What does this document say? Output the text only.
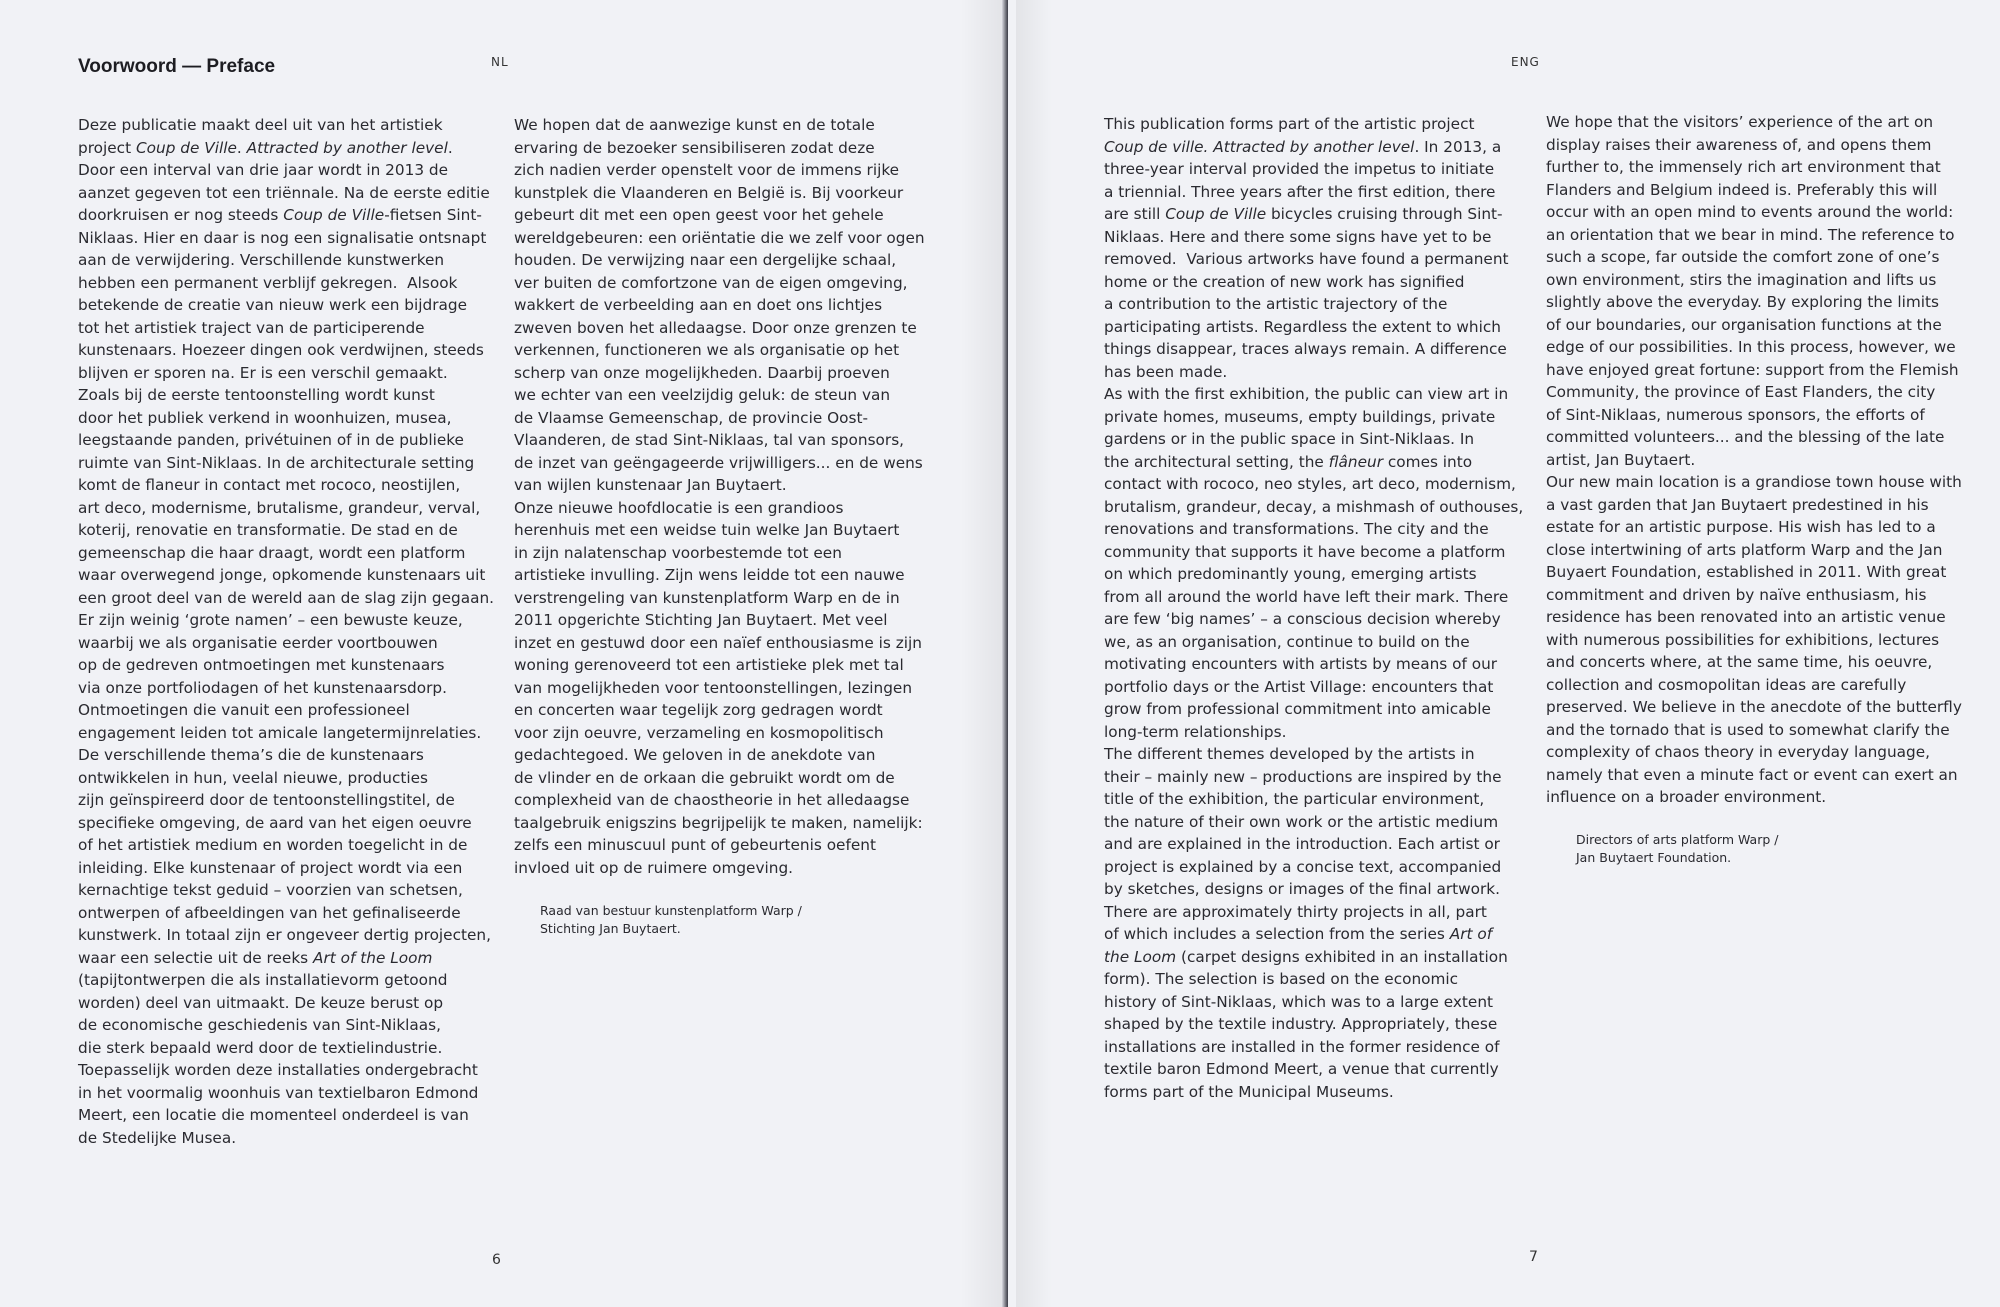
Voorwoord — Preface	NL
Deze publicatie maakt deel uit van het artistiek
project Coup de Ville. Attracted by another level.
Door een interval van drie jaar wordt in 2013 de
aanzet gegeven tot een triënnale. Na de eerste editie
doorkruisen er nog steeds Coup de Ville-fietsen Sint-
Niklaas. Hier en daar is nog een signalisatie ontsnapt
aan de verwijdering. Verschillende kunstwerken
hebben een permanent verblijf gekregen.  Alsook
betekende de creatie van nieuw werk een bijdrage
tot het artistiek traject van de participerende
kunstenaars. Hoezeer dingen ook verdwijnen, steeds
blijven er sporen na. Er is een verschil gemaakt.
Zoals bij de eerste tentoonstelling wordt kunst
door het publiek verkend in woonhuizen, musea,
leegstaande panden, privétuinen of in de publieke
ruimte van Sint-Niklaas. In de architecturale setting
komt de flaneur in contact met rococo, neostijlen,
art deco, modernisme, brutalisme, grandeur, verval,
koterij, renovatie en transformatie. De stad en de
gemeenschap die haar draagt, wordt een platform
waar overwegend jonge, opkomende kunstenaars uit
een groot deel van de wereld aan de slag zijn gegaan.
Er zijn weinig ‘grote namen’ – een bewuste keuze,
waarbij we als organisatie eerder voortbouwen
op de gedreven ontmoetingen met kunstenaars
via onze portfoliodagen of het kunstenaarsdorp.
Ontmoetingen die vanuit een professioneel
engagement leiden tot amicale langetermijnrelaties.
De verschillende thema’s die de kunstenaars
ontwikkelen in hun, veelal nieuwe, producties
zijn geïnspireerd door de tentoonstellingstitel, de
specifieke omgeving, de aard van het eigen oeuvre
of het artistiek medium en worden toegelicht in de
inleiding. Elke kunstenaar of project wordt via een
kernachtige tekst geduid – voorzien van schetsen,
ontwerpen of afbeeldingen van het gefinaliseerde
kunstwerk. In totaal zijn er ongeveer dertig projecten,
waar een selectie uit de reeks Art of the Loom
(tapijtontwerpen die als installatievorm getoond
worden) deel van uitmaakt. De keuze berust op
de economische geschiedenis van Sint-Niklaas,
die sterk bepaald werd door de textielindustrie.
Toepasselijk worden deze installaties ondergebracht
in het voormalig woonhuis van textielbaron Edmond
Meert, een locatie die momenteel onderdeel is van
de Stedelijke Musea.
We hopen dat de aanwezige kunst en de totale
ervaring de bezoeker sensibiliseren zodat deze
zich nadien verder openstelt voor de immens rijke
kunstplek die Vlaanderen en België is. Bij voorkeur
gebeurt dit met een open geest voor het gehele
wereldgebeuren: een oriëntatie die we zelf voor ogen
houden. De verwijzing naar een dergelijke schaal,
ver buiten de comfortzone van de eigen omgeving,
wakkert de verbeelding aan en doet ons lichtjes
zweven boven het alledaagse. Door onze grenzen te
verkennen, functioneren we als organisatie op het
scherp van onze mogelijkheden. Daarbij proeven
we echter van een veelzijdig geluk: de steun van
de Vlaamse Gemeenschap, de provincie Oost-
Vlaanderen, de stad Sint-Niklaas, tal van sponsors,
de inzet van geëngageerde vrijwilligers... en de wens
van wijlen kunstenaar Jan Buytaert.
Onze nieuwe hoofdlocatie is een grandioos
herenhuis met een weidse tuin welke Jan Buytaert
in zijn nalatenschap voorbestemde tot een
artistieke invulling. Zijn wens leidde tot een nauwe
verstrengeling van kunstenplatform Warp en de in
2011 opgerichte Stichting Jan Buytaert. Met veel
inzet en gestuwd door een naïef enthousiasme is zijn
woning gerenoveerd tot een artistieke plek met tal
van mogelijkheden voor tentoonstellingen, lezingen
en concerten waar tegelijk zorg gedragen wordt
voor zijn oeuvre, verzameling en kosmopolitisch
gedachtegoed. We geloven in de anekdote van
de vlinder en de orkaan die gebruikt wordt om de
complexheid van de chaostheorie in het alledaagse
taalgebruik enigszins begrijpelijk te maken, namelijk:
zelfs een minuscuul punt of gebeurtenis oefent
invloed uit op de ruimere omgeving.
Raad van bestuur kunstenplatform Warp /
Stichting Jan Buytaert.
6
ENG
This publication forms part of the artistic project
Coup de ville. Attracted by another level. In 2013, a
three-year interval provided the impetus to initiate
a triennial. Three years after the first edition, there
are still Coup de Ville bicycles cruising through Sint-
Niklaas. Here and there some signs have yet to be
removed.  Various artworks have found a permanent
home or the creation of new work has signified
a contribution to the artistic trajectory of the
participating artists. Regardless the extent to which
things disappear, traces always remain. A difference
has been made.
As with the first exhibition, the public can view art in
private homes, museums, empty buildings, private
gardens or in the public space in Sint-Niklaas. In
the architectural setting, the flâneur comes into
contact with rococo, neo styles, art deco, modernism,
brutalism, grandeur, decay, a mishmash of outhouses,
renovations and transformations. The city and the
community that supports it have become a platform
on which predominantly young, emerging artists
from all around the world have left their mark. There
are few ‘big names’ – a conscious decision whereby
we, as an organisation, continue to build on the
motivating encounters with artists by means of our
portfolio days or the Artist Village: encounters that
grow from professional commitment into amicable
long-term relationships.
The different themes developed by the artists in
their – mainly new – productions are inspired by the
title of the exhibition, the particular environment,
the nature of their own work or the artistic medium
and are explained in the introduction. Each artist or
project is explained by a concise text, accompanied
by sketches, designs or images of the final artwork.
There are approximately thirty projects in all, part
of which includes a selection from the series Art of
the Loom (carpet designs exhibited in an installation
form). The selection is based on the economic
history of Sint-Niklaas, which was to a large extent
shaped by the textile industry. Appropriately, these
installations are installed in the former residence of
textile baron Edmond Meert, a venue that currently
forms part of the Municipal Museums.
We hope that the visitors’ experience of the art on
display raises their awareness of, and opens them
further to, the immensely rich art environment that
Flanders and Belgium indeed is. Preferably this will
occur with an open mind to events around the world:
an orientation that we bear in mind. The reference to
such a scope, far outside the comfort zone of one’s
own environment, stirs the imagination and lifts us
slightly above the everyday. By exploring the limits
of our boundaries, our organisation functions at the
edge of our possibilities. In this process, however, we
have enjoyed great fortune: support from the Flemish
Community, the province of East Flanders, the city
of Sint-Niklaas, numerous sponsors, the efforts of
committed volunteers... and the blessing of the late
artist, Jan Buytaert.
Our new main location is a grandiose town house with
a vast garden that Jan Buytaert predestined in his
estate for an artistic purpose. His wish has led to a
close intertwining of arts platform Warp and the Jan
Buyaert Foundation, established in 2011. With great
commitment and driven by naïve enthusiasm, his
residence has been renovated into an artistic venue
with numerous possibilities for exhibitions, lectures
and concerts where, at the same time, his oeuvre,
collection and cosmopolitan ideas are carefully
preserved. We believe in the anecdote of the butterfly
and the tornado that is used to somewhat clarify the
complexity of chaos theory in everyday language,
namely that even a minute fact or event can exert an
influence on a broader environment.
Directors of arts platform Warp /
Jan Buytaert Foundation.
7
